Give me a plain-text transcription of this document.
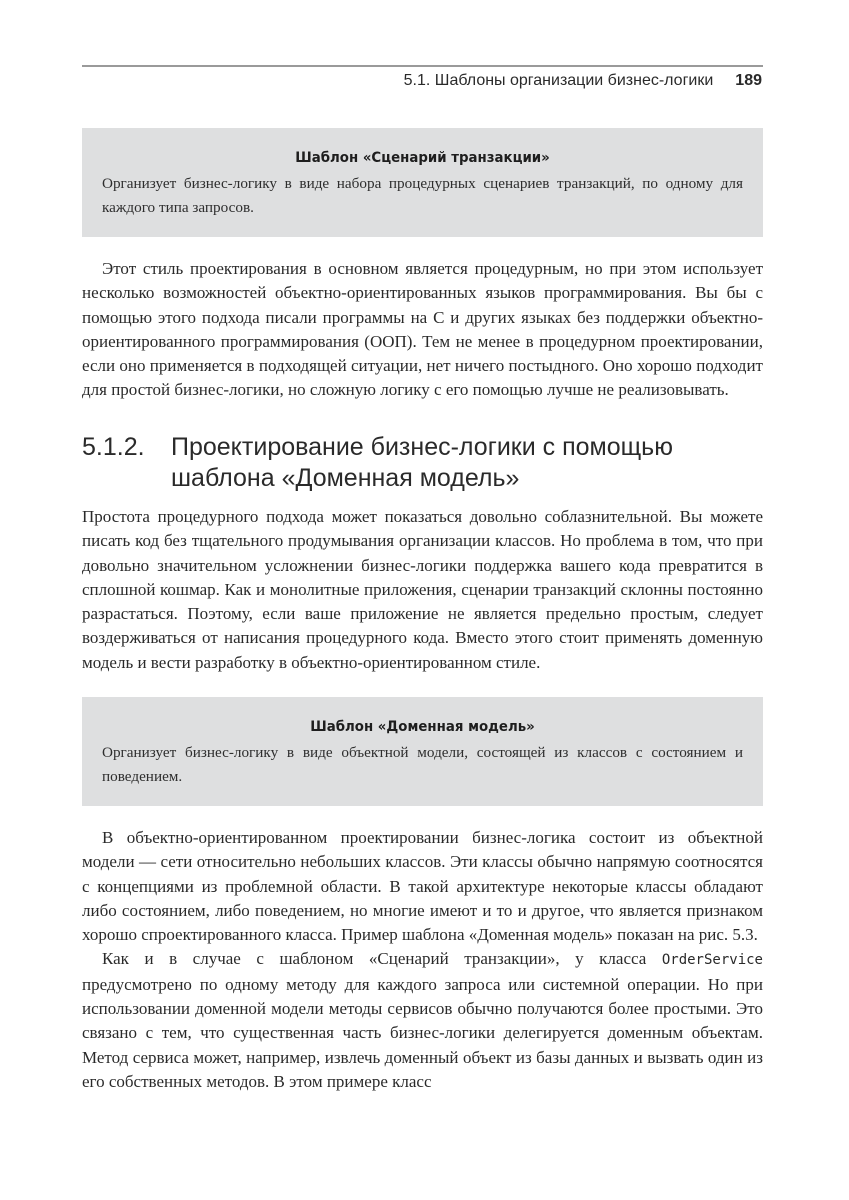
5.1. Шаблоны организации бизнес-логики 189
Шаблон «Сценарий транзакции»
Организует бизнес-логику в виде набора процедурных сценариев транзакций, по одному для каждого типа запросов.

Этот стиль проектирования в основном является процедурным, но при этом использует несколько возможностей объектно-ориентированных языков программирования. Вы бы с помощью этого подхода писали программы на С и других языках без поддержки объектно-ориентированного программирования (ООП). Тем не менее в процедурном проектировании, если оно применяется в подходящей ситуации, нет ничего постыдного. Оно хорошо подходит для простой бизнес-логики, но сложную логику с его помощью лучше не реализовывать.

5.1.2.	Проектирование бизнес-логики с помощью шаблона «Доменная модель»

Простота процедурного подхода может показаться довольно соблазнительной. Вы можете писать код без тщательного продумывания организации классов. Но проблема в том, что при довольно значительном усложнении бизнес-логики поддержка вашего кода превратится в сплошной кошмар. Как и монолитные приложения, сценарии транзакций склонны постоянно разрастаться. Поэтому, если ваше приложение не является предельно простым, следует воздерживаться от написания процедурного кода. Вместо этого стоит применять доменную модель и вести разработку в объектно-ориентированном стиле.

Шаблон «Доменная модель»
Организует бизнес-логику в виде объектной модели, состоящей из классов с состоянием и поведением.

В объектно-ориентированном проектировании бизнес-логика состоит из объектной модели — сети относительно небольших классов. Эти классы обычно напрямую соотносятся с концепциями из проблемной области. В такой архитектуре некоторые классы обладают либо состоянием, либо поведением, но многие имеют и то и другое, что является признаком хорошо спроектированного класса. Пример шаблона «Доменная модель» показан на рис. 5.3.

Как и в случае с шаблоном «Сценарий транзакции», у класса OrderService предусмотрено по одному методу для каждого запроса или системной операции. Но при использовании доменной модели методы сервисов обычно получаются более простыми. Это связано с тем, что существенная часть бизнес-логики делегируется доменным объектам. Метод сервиса может, например, извлечь доменный объект из базы данных и вызвать один из его собственных методов. В этом примере класс
